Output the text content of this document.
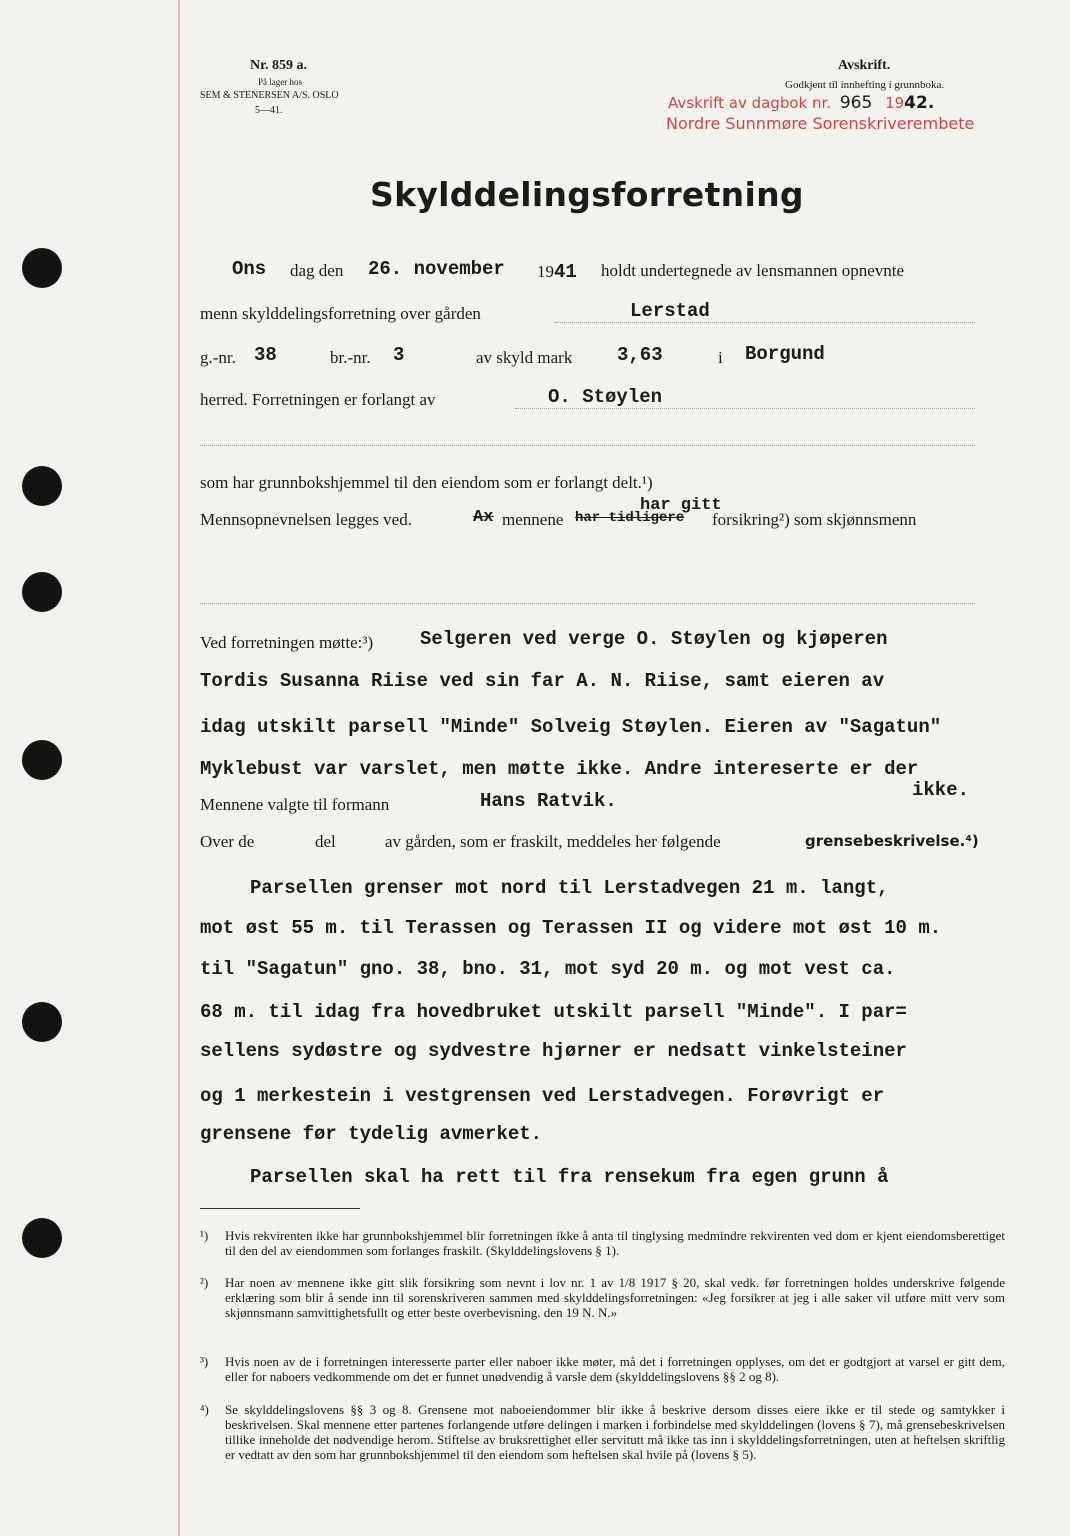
Nr. 859 a.
På lager hos
SEM & STENERSEN A/S. OSLO
5—41.
Avskrift.
Godkjent til innhefting i grunnboka.
Avskrift av dagbok nr. 965 1942.
Nordre Sunnmøre Sorenskriverembete
Skylddelingsforretning
Ons dag den 26. november 1941 holdt undertegnede av lensmannen opnevnte
menn skylddelingsforretning over gården	Lerstad
g.-nr. 38	br.-nr. 3	av skyld mark 3,63	i Borgund
herred. Forretningen er forlangt av	O. Støylen
som har grunnbokshjemmel til den eiendom som er forlangt delt.¹)
Mennsopnevnelsen legges ved.	Ax mennene har tidligere
har gitt
forsikring²) som skjønnsmenn
Ved forretningen møtte:³) Selgeren ved verge O. Støylen og kjøperen
Tordis Susanna Riise ved sin far A. N. Riise, samt eieren av
idag utskilt parsell "Minde" Solveig Støylen. Eieren av "Sagatun"
Myklebust var varslet, men møtte ikke. Andre intereserte er der
ikke.
Mennene valgte til formann	Hans Ratvik.
Over de	del	av gården, som er fraskilt, meddeles her følgende	grensebeskrivelse.⁴)
Parsellen grenser mot nord til Lerstadvegen 21 m. langt,
mot øst 55 m. til Terassen og Terassen II og videre mot øst 10 m.
til "Sagatun" gno. 38, bno. 31, mot syd 20 m. og mot vest ca.
68 m. til idag fra hovedbruket utskilt parsell "Minde". I par=
sellens sydøstre og sydvestre hjørner er nedsatt vinkelsteiner
og 1 merkestein i vestgrensen ved Lerstadvegen. Forøvrigt er
grensene før tydelig avmerket.
Parsellen skal ha rett til fra rensekum fra egen grunn å
¹) Hvis rekvirenten ikke har grunnbokshjemmel blir forretningen ikke å anta til tinglysing medmindre rekvirenten ved dom er kjent eiendomsberettiget til den del av eiendommen som forlanges fraskilt. (Skylddelingslovens § 1).
²) Har noen av mennene ikke gitt slik forsikring som nevnt i lov nr. 1 av 1/8 1917 § 20, skal vedk. før forretningen holdes underskrive følgende erklæring som blir å sende inn til sorenskriveren sammen med skylddelingsforretningen: «Jeg forsikrer at jeg i alle saker vil utføre mitt verv som skjønnsmann samvittighetsfullt og etter beste overbevisning. den 19 N. N.»
³) Hvis noen av de i forretningen interesserte parter eller naboer ikke møter, må det i forretningen opplyses, om det er godtgjort at varsel er gitt dem, eller for naboers vedkommende om det er funnet unødvendig å varsle dem (skylddelingslovens §§ 2 og 8).
⁴) Se skylddelingslovens §§ 3 og 8. Grensene mot naboeiendommer blir ikke å beskrive dersom disses eiere ikke er til stede og samtykker i beskrivelsen. Skal mennene etter partenes forlangende utføre delingen i marken i forbindelse med skylddelingen (lovens § 7), må grensebeskrivelsen tillike inneholde det nødvendige herom. Stiftelse av bruksrettighet eller servitutt må ikke tas inn i skylddelingsforretningen, uten at heftelsen skriftlig er vedtatt av den som har grunnbokshjemmel til den eiendom som heftelsen skal hvile på (lovens § 5).
